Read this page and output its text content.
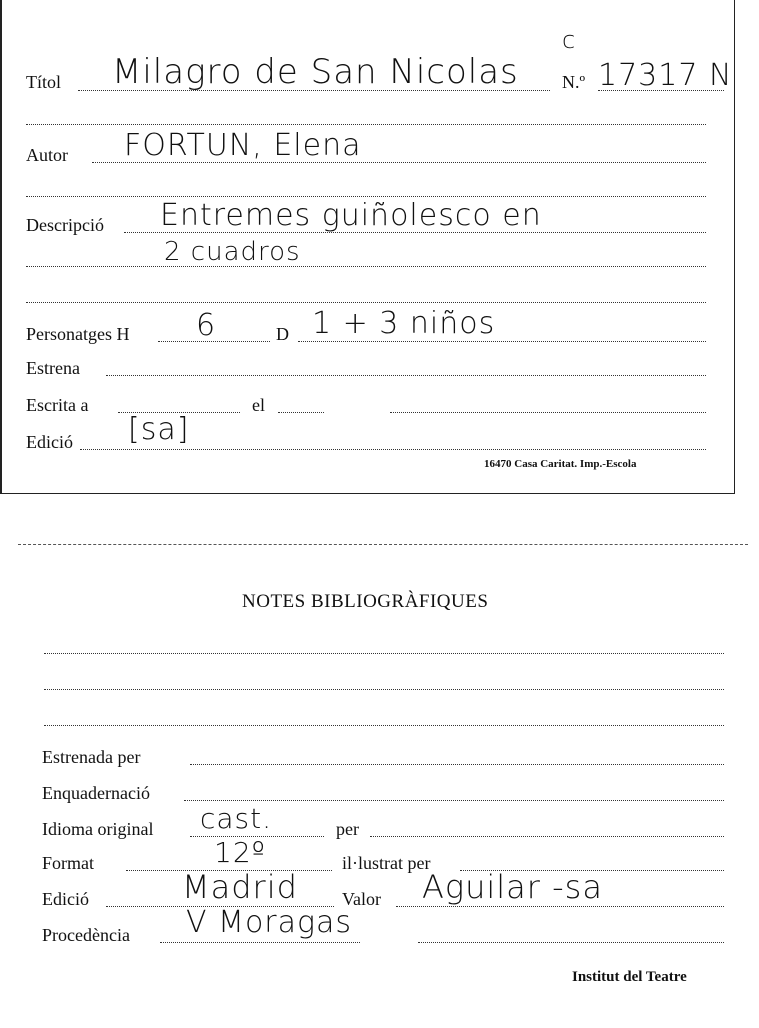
Títol Milagro de San Nicolas N.º 17317 N
c
Autor FORTUN, Elena
Descripció Entremes guiñolesco en
2 cuadros
Personatges H 6	D 1 + 3 niños
Estrena
Escrita a	el
Edició [sa]
16470 Casa Caritat. Imp.-Escola
NOTES BIBLIOGRÀFIQUES
Estrenada per
Enquadernació
Idioma original cast.	per
Format	12º	il·lustrat per
Edició	Madrid Valor Aguilar -sa
Procedència V Moragas
Institut del Teatre
